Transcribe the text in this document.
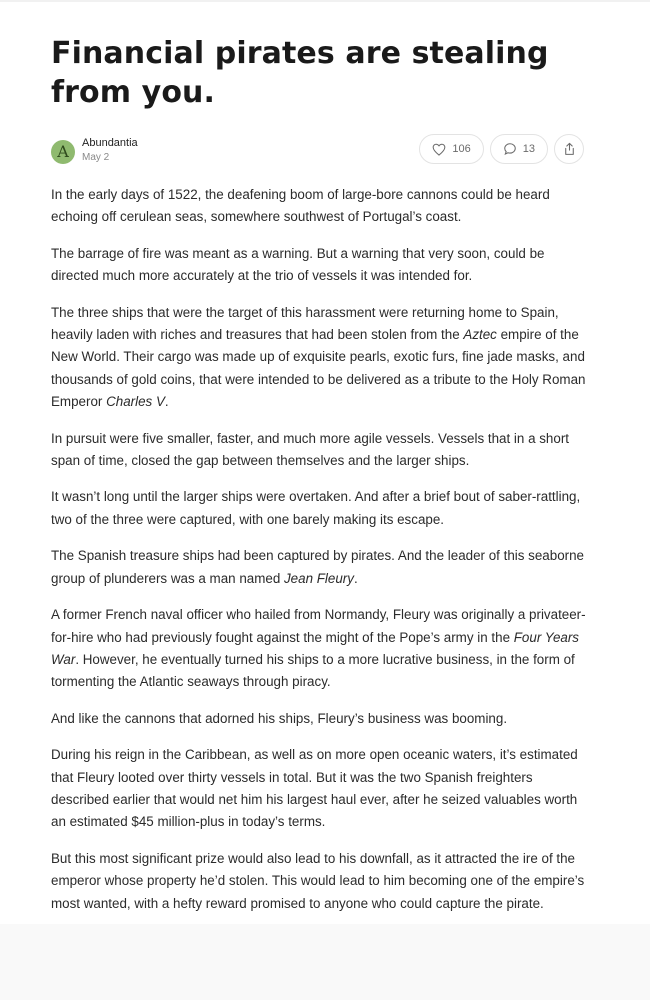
Financial pirates are stealing from you.
A	Abundantia
May 2
106	13

In the early days of 1522, the deafening boom of large-bore cannons could be heard echoing off cerulean seas, somewhere southwest of Portugal’s coast.

The barrage of fire was meant as a warning. But a warning that very soon, could be directed much more accurately at the trio of vessels it was intended for.

The three ships that were the target of this harassment were returning home to Spain, heavily laden with riches and treasures that had been stolen from the Aztec empire of the New World. Their cargo was made up of exquisite pearls, exotic furs, fine jade masks, and thousands of gold coins, that were intended to be delivered as a tribute to the Holy Roman Emperor Charles V.

In pursuit were five smaller, faster, and much more agile vessels. Vessels that in a short span of time, closed the gap between themselves and the larger ships.

It wasn’t long until the larger ships were overtaken. And after a brief bout of saber-rattling, two of the three were captured, with one barely making its escape.

The Spanish treasure ships had been captured by pirates. And the leader of this seaborne group of plunderers was a man named Jean Fleury.

A former French naval officer who hailed from Normandy, Fleury was originally a privateer-for-hire who had previously fought against the might of the Pope’s army in the Four Years War. However, he eventually turned his ships to a more lucrative business, in the form of tormenting the Atlantic seaways through piracy.

And like the cannons that adorned his ships, Fleury’s business was booming.

During his reign in the Caribbean, as well as on more open oceanic waters, it’s estimated that Fleury looted over thirty vessels in total. But it was the two Spanish freighters described earlier that would net him his largest haul ever, after he seized valuables worth an estimated $45 million-plus in today’s terms.

But this most significant prize would also lead to his downfall, as it attracted the ire of the emperor whose property he’d stolen. This would lead to him becoming one of the empire’s most wanted, with a hefty reward promised to anyone who could capture the pirate.
